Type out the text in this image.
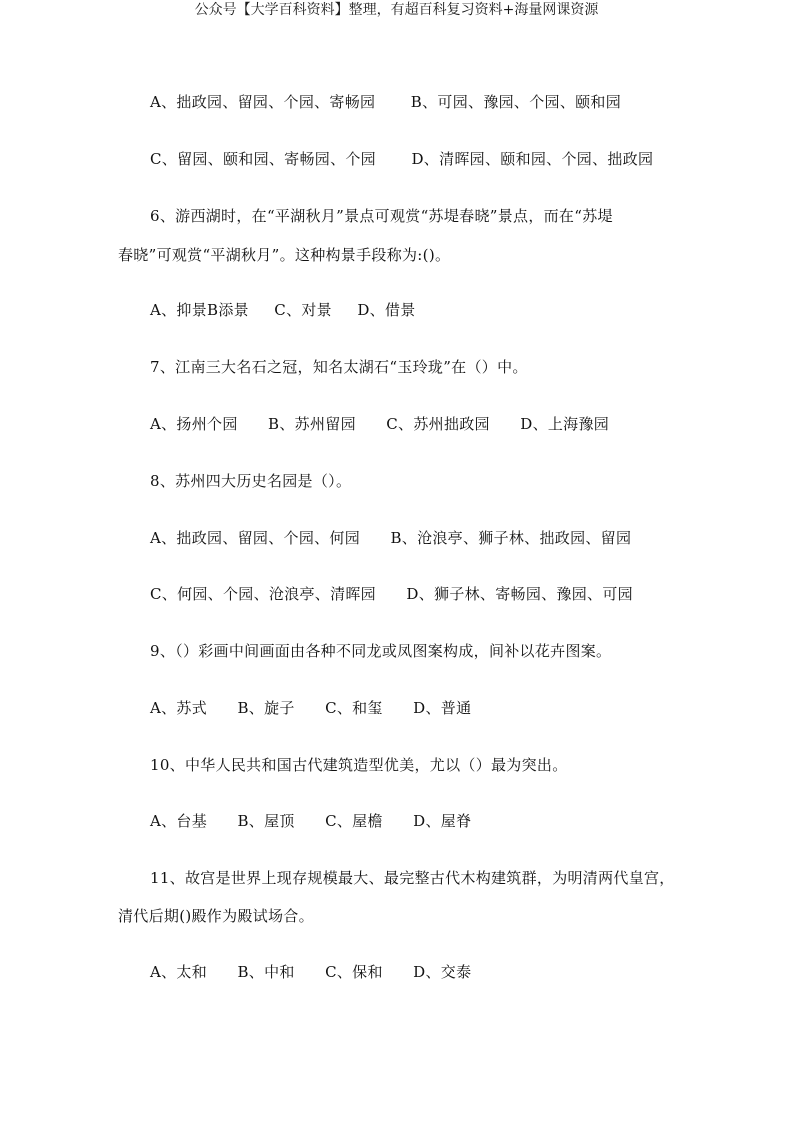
公众号【大学百科资料】整理，有超百科复习资料+海量网课资源
A、拙政园、留园、个园、寄畅园       B、可园、豫园、个园、颐和园
C、留园、颐和园、寄畅园、个园       D、清晖园、颐和园、个园、拙政园
6、游西湖时，在“平湖秋月”景点可观赏“苏堤春晓”景点，而在“苏堤
春晓”可观赏“平湖秋月”。这种构景手段称为:()。
A、抑景B添景     C、对景     D、借景
7、江南三大名石之冠，知名太湖石“玉玲珑”在（）中。
A、扬州个园      B、苏州留园      C、苏州拙政园      D、上海豫园
8、苏州四大历史名园是（）。
A、拙政园、留园、个园、何园      B、沧浪亭、狮子林、拙政园、留园
C、何园、个园、沧浪亭、清晖园      D、狮子林、寄畅园、豫园、可园
9、（）彩画中间画面由各种不同龙或凤图案构成，间补以花卉图案。
A、苏式      B、旋子      C、和玺      D、普通
10、中华人民共和国古代建筑造型优美，尤以（）最为突出。
A、台基      B、屋顶      C、屋檐      D、屋脊
11、故宫是世界上现存规模最大、最完整古代木构建筑群，为明清两代皇宫，
清代后期()殿作为殿试场合。
A、太和      B、中和      C、保和      D、交泰
